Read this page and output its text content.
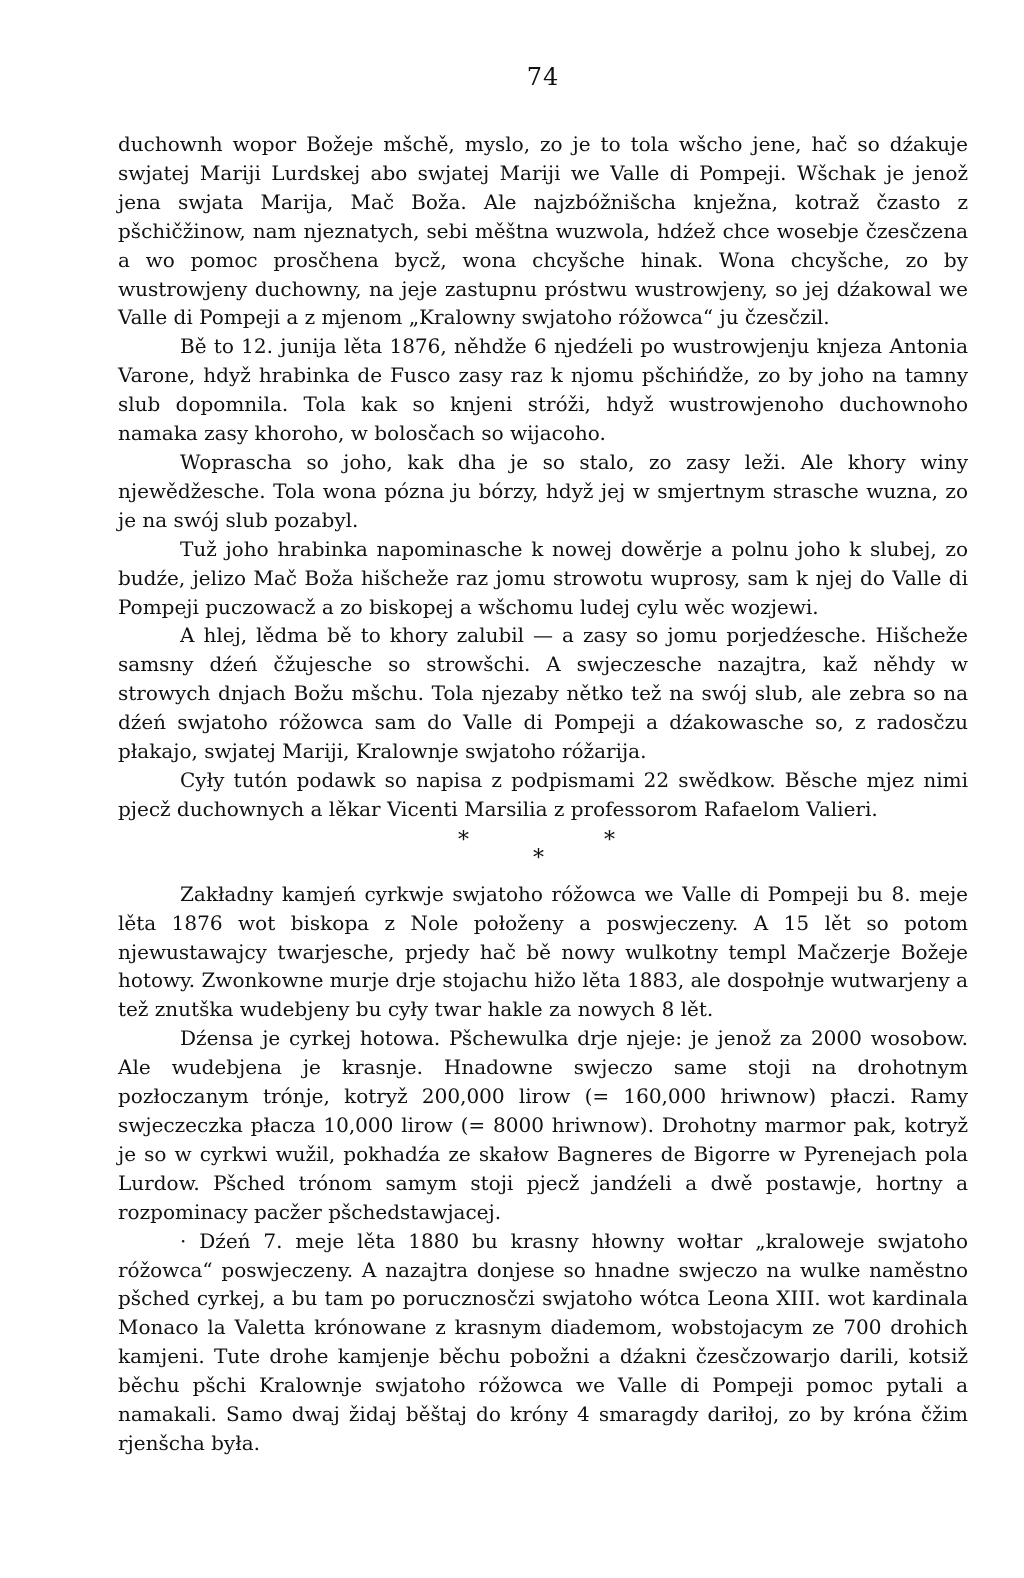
74

duchownh wopor Božeje mšchě, myslo, zo je to tola wšcho jene, hač so dźakuje swjatej Mariji Lurdskej abo swjatej Mariji we Valle di Pompeji. Wšchak je jenož jena swjata Marija, Mač Boža. Ale najzbóžnišcha knježna, kotraž čzasto z pšchičžinow, nam njeznatych, sebi měštna wuzwola, hdźež chce wosebje čzesčzena a wo pomoc prosčhena bycž, wona chcyšche hinak. Wona chcyšche, zo by wustrowjeny duchowny, na jeje zastupnu próstwu wustrowjeny, so jej dźakowal we Valle di Pompeji a z mjenom „Kralowny swjatoho róžowca“ ju čzesčzil.

Bě to 12. junija lěta 1876, něhdže 6 njedźeli po wustrowjenju knjeza Antonia Varone, hdyž hrabinka de Fusco zasy raz k njomu pšchińdže, zo by joho na tamny slub dopomnila. Tola kak so knjeni stróži, hdyž wustrowjenoho duchownoho namaka zasy khoroho, w bolosčach so wijacoho.

Woprascha so joho, kak dha je so stalo, zo zasy leži. Ale khory winy njewědžesche. Tola wona pózna ju bórzy, hdyž jej w smjertnym strasche wuzna, zo je na swój slub pozabyl.

Tuž joho hrabinka napominasche k nowej dowěrje a polnu joho k slubej, zo budźe, jelizo Mač Boža hišcheže raz jomu strowotu wuprosy, sam k njej do Valle di Pompeji puczowacž a zo biskopej a wšchomu ludej cylu wěc wozjewi.

A hlej, lědma bě to khory zalubil — a zasy so jomu porjedźesche. Hišcheže samsny dźeń čžujesche so strowšchi. A swjeczesche nazajtra, kaž něhdy w strowych dnjach Božu mšchu. Tola njezaby nětko tež na swój slub, ale zebra so na dźeń swjatoho róžowca sam do Valle di Pompeji a dźakowasche so, z radosčzu płakajo, swjatej Mariji, Kralownje swjatoho róžarija.

Cyły tutón podawk so napisa z podpismami 22 swědkow. Běsche mjez nimi pjecž duchownych a lěkar Vicenti Marsilia z professorom Rafaelom Valieri.

*
*
*

Zakładny kamjeń cyrkwje swjatoho róžowca we Valle di Pompeji bu 8. meje lěta 1876 wot biskopa z Nole połoženy a poswjeczeny. A 15 lět so potom njewustawajcy twarjesche, prjedy hač bě nowy wulkotny templ Mačzerje Božeje hotowy. Zwonkowne murje drje stojachu hižo lěta 1883, ale dospołnje wutwarjeny a tež znutška wudebjeny bu cyły twar hakle za nowych 8 lět.

Dźensa je cyrkej hotowa. Pšchewulka drje njeje: je jenož za 2000 wosobow. Ale wudebjena je krasnje. Hnadowne swjeczo same stoji na drohotnym pozłoczanym trónje, kotryž 200,000 lirow (= 160,000 hriwnow) płaczi. Ramy swjeczeczka płacza 10,000 lirow (= 8000 hriwnow). Drohotny marmor pak, kotryž je so w cyrkwi wužil, pokhadźa ze skałow Bagneres de Bigorre w Pyrenejach pola Lurdow. Pšched trónom samym stoji pjecž jandźeli a dwě postawje, hortny a rozpominacy pacžer pšchedstawjacej.

· Dźeń 7. meje lěta 1880 bu krasny hłowny wołtar „kraloweje swjatoho róžowca“ poswjeczeny. A nazajtra donjese so hnadne swjeczo na wulke naměstno pšched cyrkej, a bu tam po porucznosčzi swjatoho wótca Leona XIII. wot kardinala Monaco la Valetta krónowane z krasnym diademom, wobstojacym ze 700 drohich kamjeni. Tute drohe kamjenje běchu pobožni a dźakni čzesčzowarjo darili, kotsiž běchu pšchi Kralownje swjatoho róžowca we Valle di Pompeji pomoc pytali a namakali. Samo dwaj židaj běštaj do króny 4 smaragdy dariłoj, zo by króna čžim rjenšcha była.
